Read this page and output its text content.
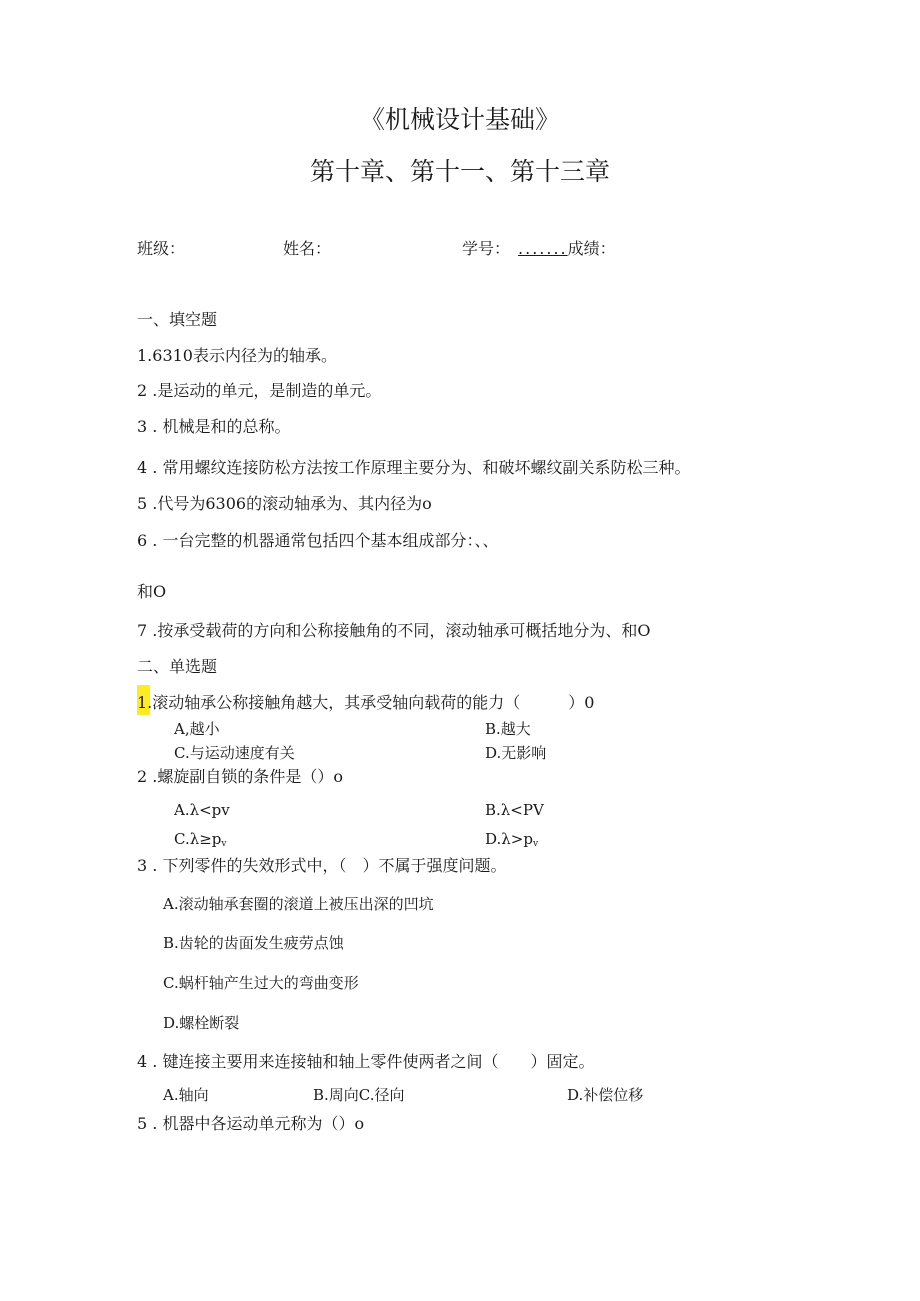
《机械设计基础》
第十章、第十一、第十三章
班级：	姓名：	学号： .......成绩：
一、填空题
1.6310表示内径为的轴承。
2 .是运动的单元，是制造的单元。
3 . 机械是和的总称。
4 . 常用螺纹连接防松方法按工作原理主要分为、和破坏螺纹副关系防松三种。
5 .代号为6306的滚动轴承为、其内径为o
6 . 一台完整的机器通常包括四个基本组成部分：、、
和O
7 .按承受载荷的方向和公称接触角的不同，滚动轴承可概括地分为、和O
二、单选题
1.滚动轴承公称接触角越大，其承受轴向载荷的能力（　　　）0
A,越小	B.越大
C.与运动速度有关	D.无影响
2 .螺旋副自锁的条件是（）o
A.λ<pv	B.λ<PV
$C.\lambda\ge p_v$	$D.\lambda>p_v$
3 . 下列零件的失效形式中，（　）不属于强度问题。
A.滚动轴承套圈的滚道上被压出深的凹坑
B.齿轮的齿面发生疲劳点蚀
C.蜗杆轴产生过大的弯曲变形
D.螺栓断裂
4 . 键连接主要用来连接轴和轴上零件使两者之间（　　）固定。
A.轴向	B.周向C.径向	D.补偿位移
5 . 机器中各运动单元称为（）o
